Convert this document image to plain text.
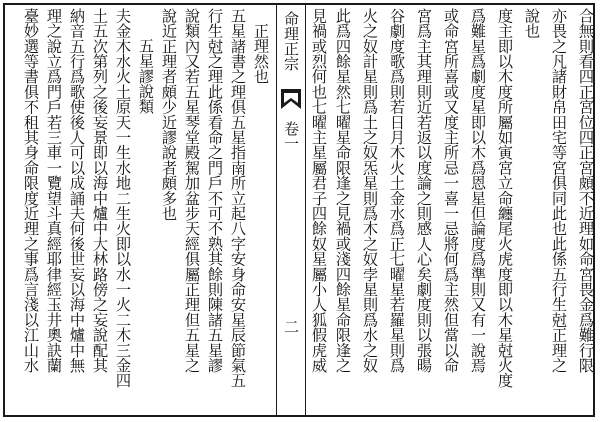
合無則看四正宮位四正宮頗不近理如命宮畏金爲難行限
亦畏之凡諸財帛田宅等宮俱同此也此係五行生尅正理之
說也
度主即以木度所屬如寅宮立命纏尾火虎度即以木星尅火度
爲難星爲劇度星即以木爲恩星但論度爲準則又有一說焉
或命宮所喜或又度主所忌一喜一忌將何爲主然但當以命
宮爲主其理則近若返以度論之則感人心矣劇度則以張暘
谷劇度歌爲則若日月木火土金水爲正七曜星若羅星則爲
火之奴計星則爲土之奴炁星則爲木之奴孛星則爲水之奴
此爲四餘星然七曜星命限逢之見禍或淺四餘星命限逢之
見禍或烈何也七曜主星屬君子四餘奴星屬小人狐假虎威
命理正宗
卷一
二
正理然也
五星諸書之理俱五星指南所立起八字安身命安星辰節氣五
行生尅之理此係看命之門戶不可不熟其餘則陳諸五星謬
說類內又若五星琴堂殿駕加盆步天經俱屬正理但五星之
說近正理者頗少近謬說者頗多也
五星謬說類
夫金木水火土原天一生水地二生火即以水一火二木三金四
土五次第列之後妄景即以海中爐中大林路傍之妄說配其
納音五行爲歌使後人可以成誦夫何後世妄以海中爐中無
理之說立爲門戶若三車一覽望斗真經耶律經玉井奧訣蘭
臺妙選等書俱不租其身命限度近理之事爲言淺以江山水
